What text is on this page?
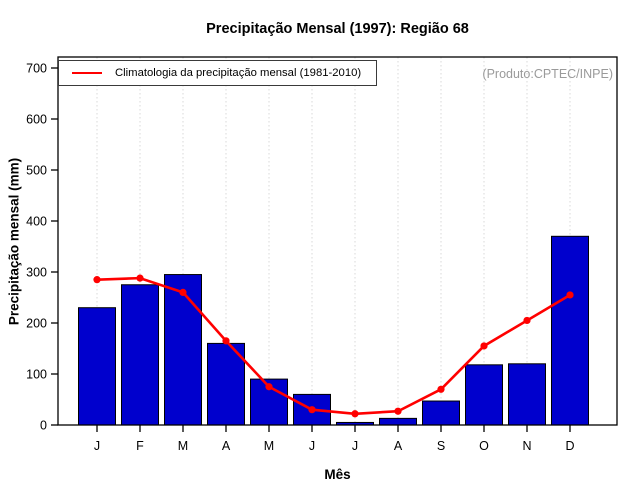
0
100
200
300
400
500
600
700
J	F	M	A	M	J	J	A	S	O	N	D
Precipitação Mensal (1997): Região 68
Precipitação mensal (mm)
Mês
Climatologia da precipitação mensal (1981-2010)	(Produto:CPTEC/INPE)
